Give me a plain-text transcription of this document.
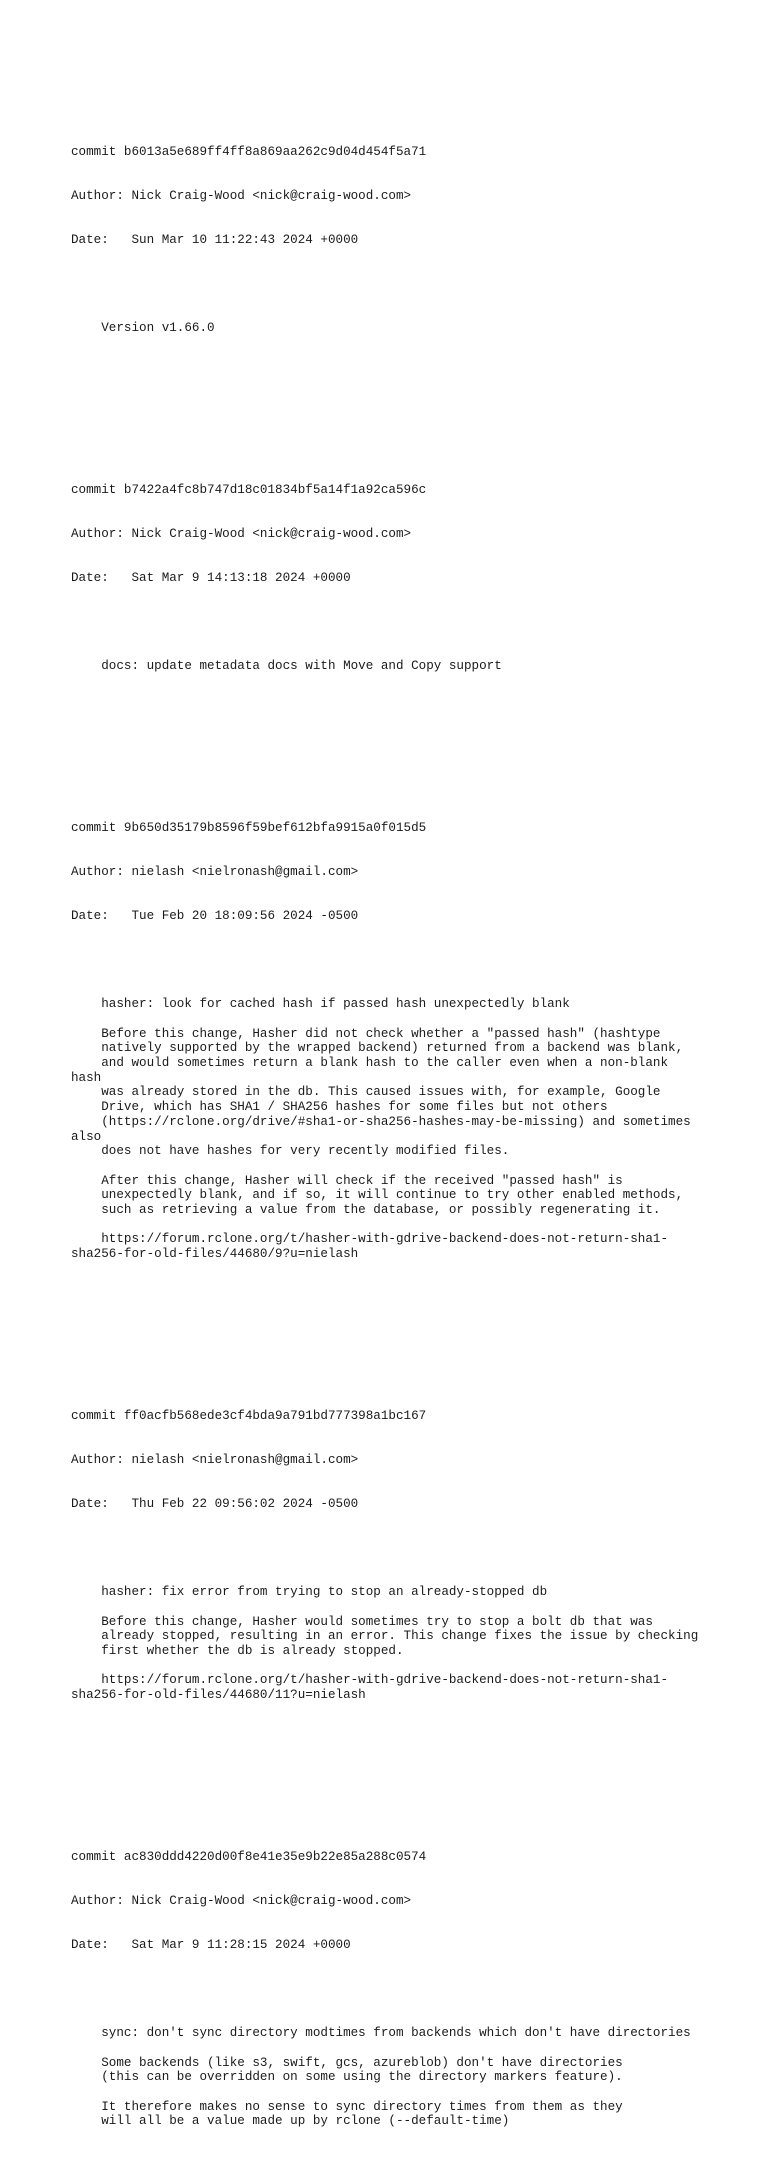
commit b6013a5e689ff4ff8a869aa262c9d04d454f5a71

Author: Nick Craig-Wood <nick@craig-wood.com>

Date:   Sun Mar 10 11:22:43 2024 +0000

Version v1.66.0

commit b7422a4fc8b747d18c01834bf5a14f1a92ca596c

Author: Nick Craig-Wood <nick@craig-wood.com>

Date:   Sat Mar 9 14:13:18 2024 +0000

docs: update metadata docs with Move and Copy support

commit 9b650d35179b8596f59bef612bfa9915a0f015d5

Author: nielash <nielronash@gmail.com>

Date:   Tue Feb 20 18:09:56 2024 -0500

hasher: look for cached hash if passed hash unexpectedly blank
Before this change, Hasher did not check whether a "passed hash" (hashtype
natively supported by the wrapped backend) returned from a backend was blank,
and would sometimes return a blank hash to the caller even when a non-blank
hash
was already stored in the db. This caused issues with, for example, Google
Drive, which has SHA1 / SHA256 hashes for some files but not others
(https://rclone.org/drive/#sha1-or-sha256-hashes-may-be-missing) and sometimes
also
does not have hashes for very recently modified files.
After this change, Hasher will check if the received "passed hash" is
unexpectedly blank, and if so, it will continue to try other enabled methods,
such as retrieving a value from the database, or possibly regenerating it.
https://forum.rclone.org/t/hasher-with-gdrive-backend-does-not-return-sha1-
sha256-for-old-files/44680/9?u=nielash

commit ff0acfb568ede3cf4bda9a791bd777398a1bc167

Author: nielash <nielronash@gmail.com>

Date:   Thu Feb 22 09:56:02 2024 -0500

hasher: fix error from trying to stop an already-stopped db
Before this change, Hasher would sometimes try to stop a bolt db that was
already stopped, resulting in an error. This change fixes the issue by checking
first whether the db is already stopped.
https://forum.rclone.org/t/hasher-with-gdrive-backend-does-not-return-sha1-
sha256-for-old-files/44680/11?u=nielash

commit ac830ddd4220d00f8e41e35e9b22e85a288c0574

Author: Nick Craig-Wood <nick@craig-wood.com>

Date:   Sat Mar 9 11:28:15 2024 +0000

sync: don't sync directory modtimes from backends which don't have directories
Some backends (like s3, swift, gcs, azureblob) don't have directories
(this can be overridden on some using the directory markers feature).
It therefore makes no sense to sync directory times from them as they
will all be a value made up by rclone (--default-time)
